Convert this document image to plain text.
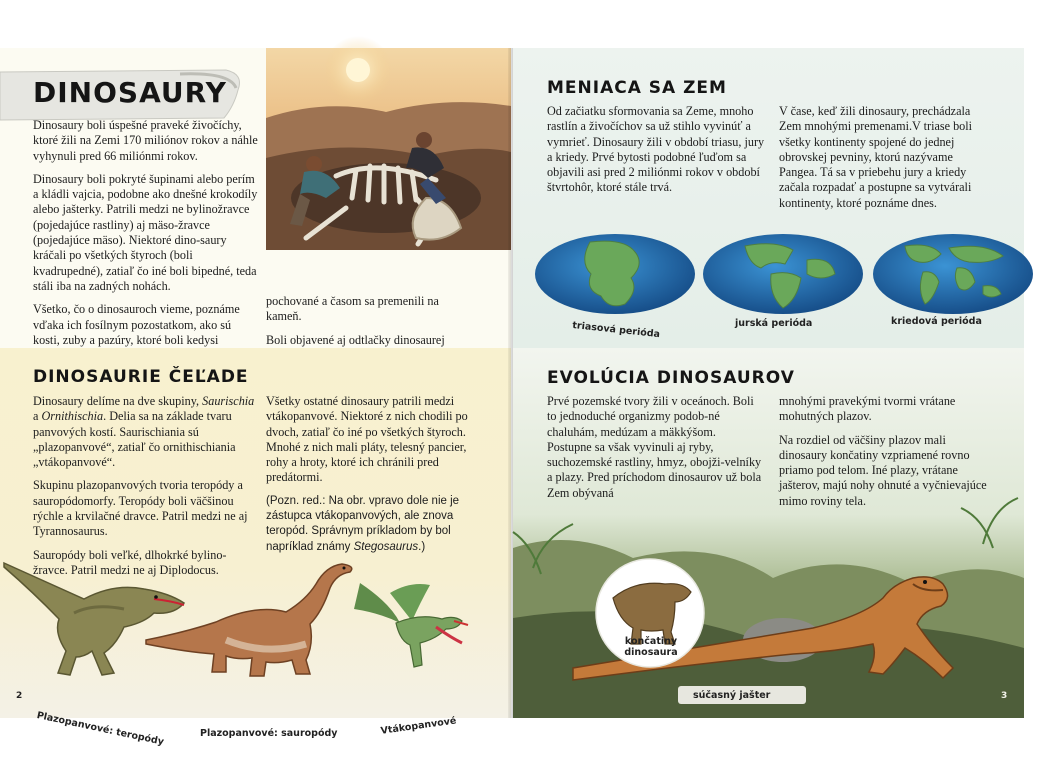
DINOSAURY

Dinosaury boli úspešné praveké živočíchy, ktoré žili na Zemi 170 miliónov rokov a náhle vyhynuli pred 66 miliónmi rokov.

Dinosaury boli pokryté šupinami alebo perím a kládli vajcia, podobne ako dnešné krokodíly alebo jašterky. Patrili medzi ne bylinožravce (pojedajúce rastliny) aj mäso-žravce (pojedajúce mäso). Niektoré dino-saury kráčali po všetkých štyroch (boli kvadrupedné), zatiaľ čo iné boli bipedné, teda stáli iba na zadných nohách.

Všetko, čo o dinosauroch vieme, poznáme vďaka ich fosílnym pozostatkom, ako sú kosti, zuby a pazúry, ktoré boli kedysi

pochované a časom sa premenili na kameň.

Boli objavené aj odtlačky dinosaurej

DINOSAURIE ČEĽADE

Dinosaury delíme na dve skupiny, Saurischia a Ornithischia. Delia sa na základe tvaru panvových kostí. Saurischiania sú „plazopanvové“, zatiaľ čo ornithischiania „vtákopanvové“.

Skupinu plazopanvových tvoria teropódy a sauropódomorfy. Teropódy boli väčšinou rýchle a krvilačné dravce. Patril medzi ne aj Tyrannosaurus.

Sauropódy boli veľké, dlhokrké bylino-žravce. Patril medzi ne aj Diplodocus.

Všetky ostatné dinosaury patrili medzi vtákopanvové. Niektoré z nich chodili po dvoch, zatiaľ čo iné po všetkých štyroch. Mnohé z nich mali pláty, telesný pancier, rohy a hroty, ktoré ich chránili pred predátormi.

(Pozn. red.: Na obr. vpravo dole nie je zástupca vtákopanvových, ale znova teropód. Správnym príkladom by bol napríklad známy Stegosaurus.)

Plazopanvové: teropódy	Plazopanvové: sauropódy	Vtákopanvové
2
MENIACA SA ZEM

Od začiatku sformovania sa Zeme, mnoho rastlín a živočíchov sa už stihlo vyvinúť a vymrieť. Dinosaury žili v období triasu, jury a kriedy. Prvé bytosti podobné ľuďom sa objavili asi pred 2 miliónmi rokov v období štvrtohôr, ktoré stále trvá.

V čase, keď žili dinosaury, prechádzala Zem mnohými premenami.V triase boli všetky kontinenty spojené do jednej obrovskej pevniny, ktorú nazývame Pangea. Tá sa v priebehu jury a kriedy začala rozpadať a postupne sa vytvárali kontinenty, ktoré poznáme dnes.

triasová perióda	jurská perióda	kriedová perióda
EVOLÚCIA DINOSAUROV

Prvé pozemské tvory žili v oceánoch. Boli to jednoduché organizmy podob-né chaluhám, medúzam a mäkkýšom. Postupne sa však vyvinuli aj ryby, suchozemské rastliny, hmyz, obojži-velníky a plazy. Pred príchodom dinosaurov už bola Zem obývaná

mnohými pravekými tvormi vrátane mohutných plazov.

Na rozdiel od väčšiny plazov mali dinosaury končatiny vzpriamené rovno priamo pod telom. Iné plazy, vrátane jašterov, majú nohy ohnuté a vyčnievajúce mimo roviny tela.

končatiny dinosaura
súčasný jašter	3
